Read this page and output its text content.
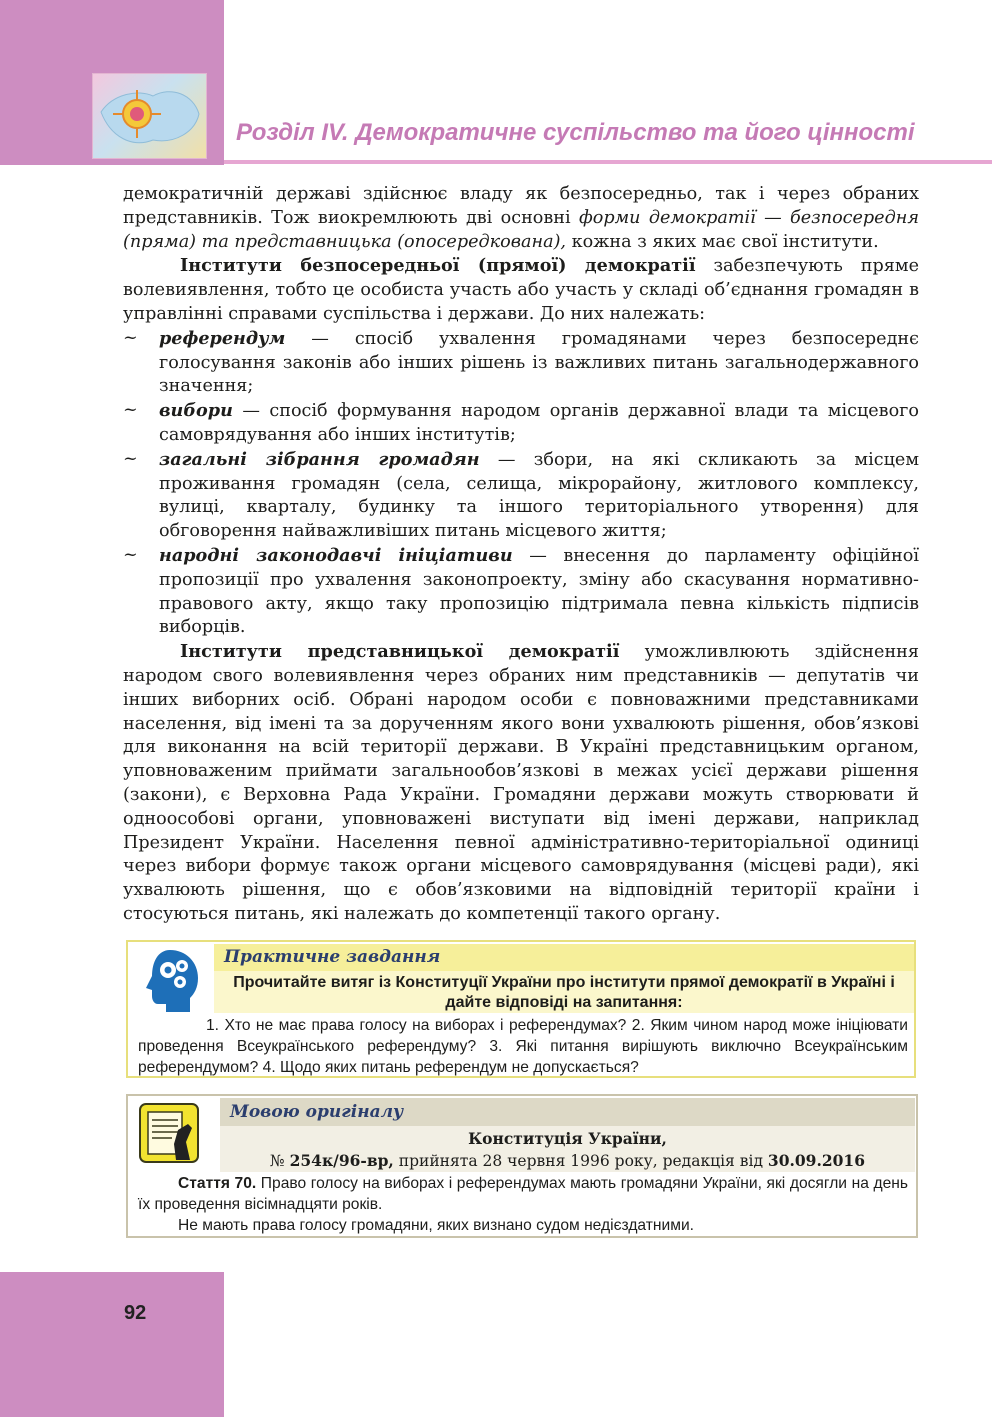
Розділ IV. Демократичне суспільство та його цінності

демократичній державі здійснює владу як безпосередньо, так і через обраних представників. Тож виокремлюють дві основні форми демократії — безпосередня (пряма) та представницька (опосередкована), кожна з яких має свої інститути.

Інститути безпосередньої (прямої) демократії забезпечують пряме волевиявлення, тобто це особиста участь або участь у складі об’єднання громадян в управлінні справами суспільства і держави. До них належать:

~ референдум — спосіб ухвалення громадянами через безпосереднє голосування законів або інших рішень із важливих питань загальнодержавного значення;
~ вибори — спосіб формування народом органів державної влади та місцевого самоврядування або інших інститутів;
~ загальні зібрання громадян — збори, на які скликають за місцем проживання громадян (села, селища, мікрорайону, житлового комплексу, вулиці, кварталу, будинку та іншого територіального утворення) для обговорення найважливіших питань місцевого життя;
~ народні законодавчі ініціативи — внесення до парламенту офіційної пропозиції про ухвалення законопроекту, зміну або скасування нормативно-правового акту, якщо таку пропозицію підтримала певна кількість підписів виборців.

Інститути представницької демократії уможливлюють здійснення народом свого волевиявлення через обраних ним представників — депутатів чи інших виборних осіб. Обрані народом особи є повноважними представниками населення, від імені та за дорученням якого вони ухвалюють рішення, обов’язкові для виконання на всій території держави. В Україні представницьким органом, уповноваженим приймати загальнообов’язкові в межах усієї держави рішення (закони), є Верховна Рада України. Громадяни держави можуть створювати й одноособові органи, уповноважені виступати від імені держави, наприклад Президент України. Населення певної адміністративно-територіальної одиниці через вибори формує також органи місцевого самоврядування (місцеві ради), які ухвалюють рішення, що є обов’язковими на відповідній території країни і стосуються питань, які належать до компетенції такого органу.

Практичне завдання
Прочитайте витяг із Конституції України про інститути прямої демократії в Україні і дайте відповіді на запитання:
1. Хто не має права голосу на виборах і референдумах? 2. Яким чином народ може ініціювати проведення Всеукраїнського референдуму? 3. Які питання вирішують виключно Всеукраїнським референдумом? 4. Щодо яких питань референдум не допускається?
Мовою оригіналу
Конституція України,
№ 254к/96-вр, прийнята 28 червня 1996 року, редакція від 30.09.2016

Стаття 70. Право голосу на виборах і референдумах мають громадяни України, які досягли на день їх проведення вісімнадцяти років.

Не мають права голосу громадяни, яких визнано судом недієздатними.

92
